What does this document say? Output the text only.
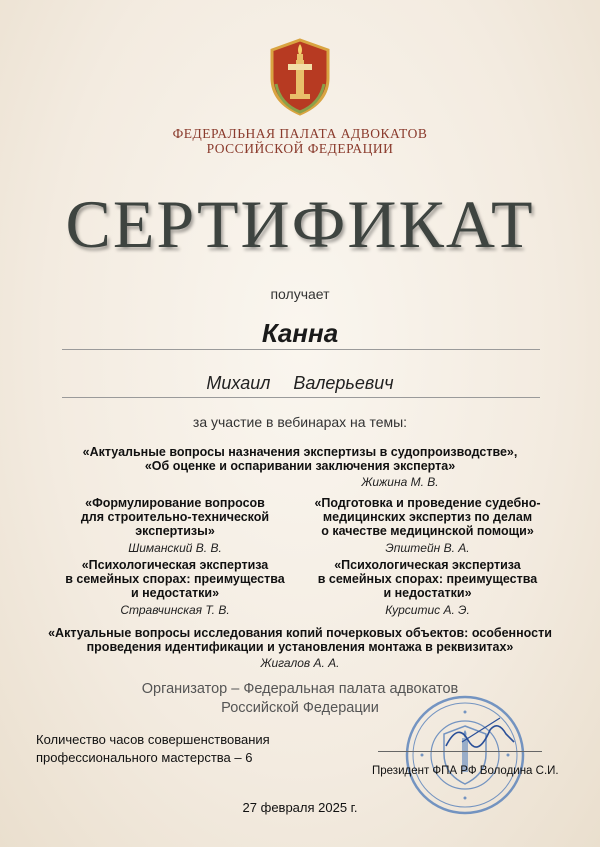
ФЕДЕРАЛЬНАЯ ПАЛАТА АДВОКАТОВ
РОССИЙСКОЙ ФЕДЕРАЦИИ
СЕРТИФИКАТ
получает
Канна
Михаил Валерьевич
за участие в вебинарах на темы:
«Актуальные вопросы назначения экспертизы в судопроизводстве»,
«Об оценке и оспаривании заключения эксперта»
Жижина М. В.
«Формулирование вопросов
для строительно-технической
экспертизы»
Шиманский В. В.
«Подготовка и проведение судебно-
медицинских экспертиз по делам
о качестве медицинской помощи»
Эпштейн В. А.
«Психологическая экспертиза
в семейных спорах: преимущества
и недостатки»
Стравчинская Т. В.
«Психологическая экспертиза
в семейных спорах: преимущества
и недостатки»
Курситис А. Э.
«Актуальные вопросы исследования копий почерковых объектов: особенности
проведения идентификации и установления монтажа в реквизитах»
Жигалов А. А.
Организатор – Федеральная палата адвокатов
Российской Федерации
Количество часов совершенствования
профессионального мастерства – 6
Президент ФПА РФ Володина С.И.
27 февраля 2025 г.
